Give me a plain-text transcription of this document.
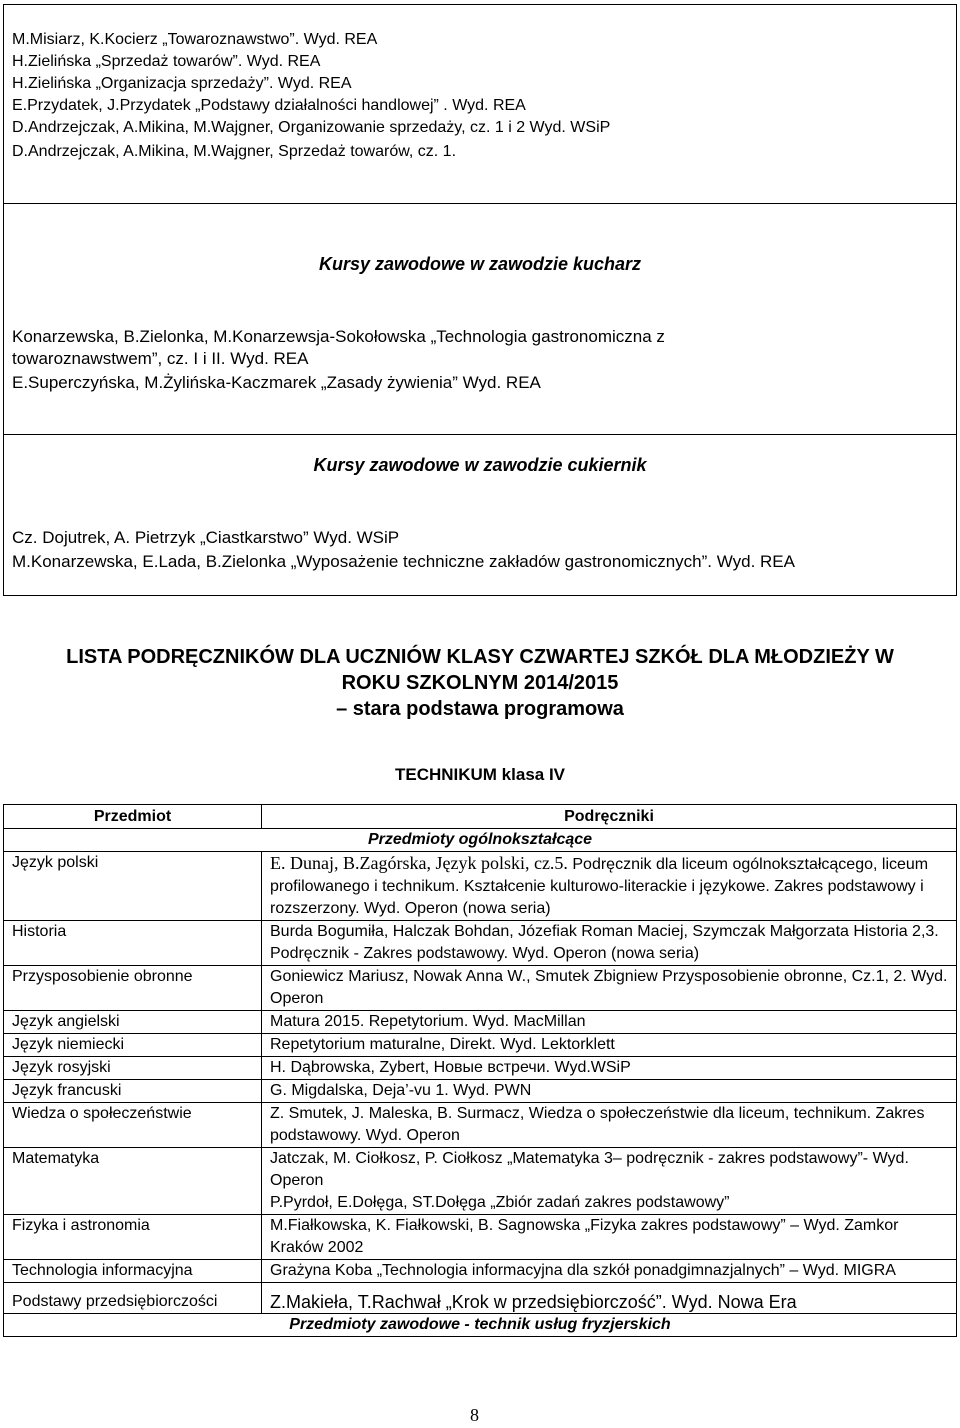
M.Misiarz, K.Kocierz „Towaroznawstwo”. Wyd. REA
H.Zielińska „Sprzedaż towarów”. Wyd. REA
H.Zielińska „Organizacja sprzedaży”. Wyd. REA
E.Przydatek, J.Przydatek „Podstawy działalności handlowej” . Wyd. REA
D.Andrzejczak, A.Mikina, M.Wajgner, Organizowanie sprzedaży, cz. 1 i 2 Wyd. WSiP
D.Andrzejczak, A.Mikina, M.Wajgner, Sprzedaż towarów, cz. 1.
Kursy zawodowe w zawodzie kucharz
Konarzewska, B.Zielonka, M.Konarzewsja-Sokołowska „Technologia gastronomiczna z
towaroznawstwem”, cz. I i II. Wyd. REA
E.Superczyńska, M.Żylińska-Kaczmarek „Zasady żywienia” Wyd. REA
Kursy zawodowe w zawodzie cukiernik
Cz. Dojutrek, A. Pietrzyk „Ciastkarstwo” Wyd. WSiP
M.Konarzewska, E.Lada, B.Zielonka „Wyposażenie techniczne zakładów gastronomicznych”. Wyd. REA
LISTA PODRĘCZNIKÓW DLA UCZNIÓW KLASY CZWARTEJ SZKÓŁ DLA MŁODZIEŻY W
ROKU SZKOLNYM 2014/2015
– stara podstawa programowa
TECHNIKUM klasa IV
Przedmiot	Podręczniki
Przedmioty ogólnokształcące	
Język polski	E. Dunaj, B.Zagórska, Język polski, cz.5. Podręcznik dla liceum ogólnokształcącego, liceum profilowanego i technikum. Kształcenie kulturowo-literackie i językowe. Zakres podstawowy i rozszerzony. Wyd. Operon (nowa seria)
Historia	Burda Bogumiła, Halczak Bohdan, Józefiak Roman Maciej, Szymczak Małgorzata Historia 2,3. Podręcznik - Zakres podstawowy. Wyd. Operon (nowa seria)
Przysposobienie obronne	Goniewicz Mariusz, Nowak Anna W., Smutek Zbigniew Przysposobienie obronne, Cz.1, 2. Wyd. Operon
Język angielski	Matura 2015. Repetytorium. Wyd. MacMillan
Język niemiecki	Repetytorium maturalne, Direkt. Wyd. Lektorklett
Język rosyjski	H. Dąbrowska, Zybert, Новые встречи. Wyd.WSiP
Język francuski	G. Migdalska, Deja’-vu 1. Wyd. PWN
Wiedza o społeczeństwie	Z. Smutek, J. Maleska, B. Surmacz, Wiedza o społeczeństwie dla liceum, technikum. Zakres podstawowy. Wyd. Operon
Matematyka	Jatczak, M. Ciołkosz, P. Ciołkosz „Matematyka 3– podręcznik - zakres podstawowy”- Wyd. Operon
P.Pyrdoł, E.Dołęga, ST.Dołęga „Zbiór zadań zakres podstawowy”
Fizyka i astronomia	M.Fiałkowska, K. Fiałkowski, B. Sagnowska „Fizyka zakres podstawowy” – Wyd. Zamkor Kraków 2002
Technologia informacyjna	Grażyna Koba „Technologia informacyjna dla szkół ponadgimnazjalnych” – Wyd. MIGRA
Podstawy przedsiębiorczości	Z.Makieła, T.Rachwał „Krok w przedsiębiorczość”. Wyd. Nowa Era
Przedmioty zawodowe - technik usług fryzjerskich	
8
